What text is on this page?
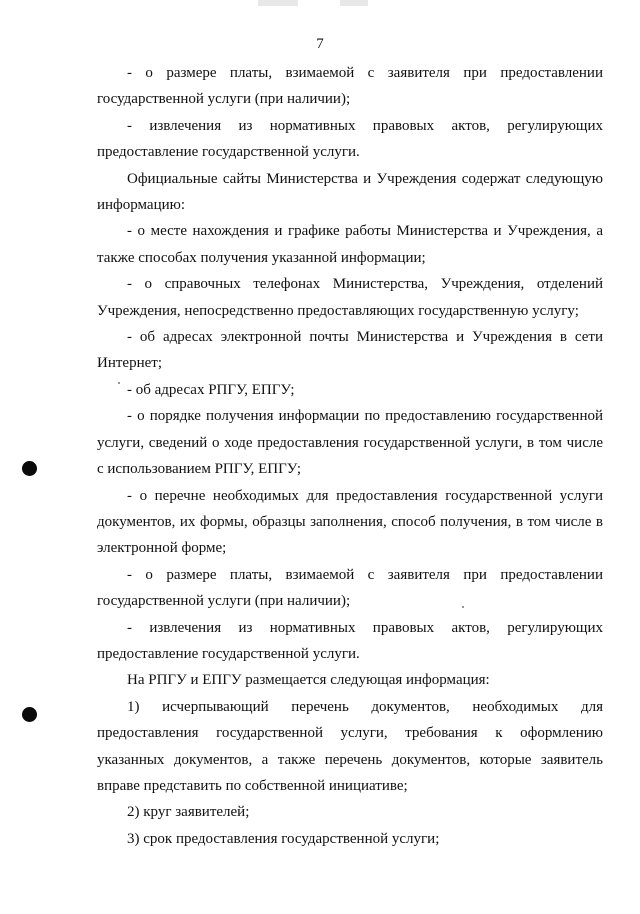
7

- о размере платы, взимаемой с заявителя при предоставлении государственной услуги (при наличии);

- извлечения из нормативных правовых актов, регулирующих предоставление государственной услуги.

Официальные сайты Министерства и Учреждения содержат следующую информацию:

- о месте нахождения и графике работы Министерства и Учреждения, а также способах получения указанной информации;

- о справочных телефонах Министерства, Учреждения, отделений Учреждения, непосредственно предоставляющих государственную услугу;

- об адресах электронной почты Министерства и Учреждения в сети Интернет;

- об адресах РПГУ, ЕПГУ;

- о порядке получения информации по предоставлению государственной услуги, сведений о ходе предоставления государственной услуги, в том числе с использованием РПГУ, ЕПГУ;

- о перечне необходимых для предоставления государственной услуги документов, их формы, образцы заполнения, способ получения, в том числе в электронной форме;

- о размере платы, взимаемой с заявителя при предоставлении государственной услуги (при наличии);

- извлечения из нормативных правовых актов, регулирующих предоставление государственной услуги.

На РПГУ и ЕПГУ размещается следующая информация:

1) исчерпывающий перечень документов, необходимых для предоставления государственной услуги, требования к оформлению указанных документов, а также перечень документов, которые заявитель вправе представить по собственной инициативе;

2) круг заявителей;

3) срок предоставления государственной услуги;
